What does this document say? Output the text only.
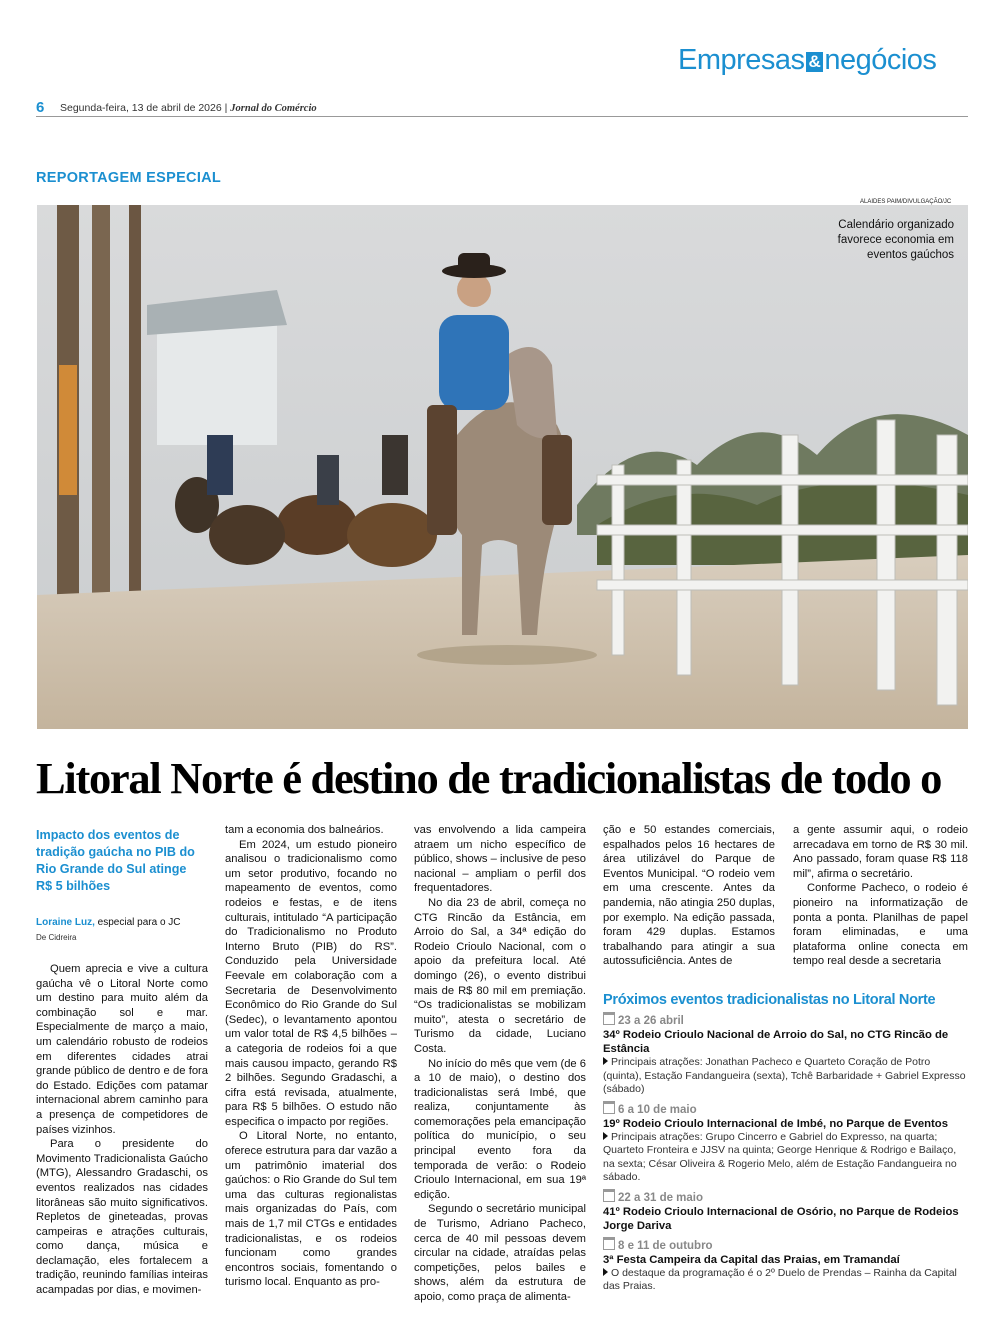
Empresas & negócios
6 Segunda-feira, 13 de abril de 2026 | Jornal do Comércio
REPORTAGEM ESPECIAL
ALAIDES PAIM/DIVULGAÇÃO/JC
Calendário organizado favorece economia em eventos gaúchos
Litoral Norte é destino de tradicionalistas de todo o
Impacto dos eventos de tradição gaúcha no PIB do Rio Grande do Sul atinge R$ 5 bilhões
Loraine Luz, especial para o JC
De Cidreira

Quem aprecia e vive a cultura gaúcha vê o Litoral Norte como um destino para muito além da combinação sol e mar. Especialmente de março a maio, um calendário robusto de rodeios em diferentes cidades atrai grande público de dentro e de fora do Estado. Edições com patamar internacional abrem caminho para a presença de competidores de países vizinhos.

Para o presidente do Movimento Tradicionalista Gaúcho (MTG), Alessandro Gradaschi, os eventos realizados nas cidades litorâneas são muito significativos. Repletos de gineteadas, provas campeiras e atrações culturais, como dança, música e declamação, eles fortalecem a tradição, reunindo famílias inteiras acampadas por dias, e movimen-

tam a economia dos balneários.

Em 2024, um estudo pioneiro analisou o tradicionalismo como um setor produtivo, focando no mapeamento de eventos, como rodeios e festas, e de itens culturais, intitulado “A participação do Tradicionalismo no Produto Interno Bruto (PIB) do RS”. Conduzido pela Universidade Feevale em colaboração com a Secretaria de Desenvolvimento Econômico do Rio Grande do Sul (Sedec), o levantamento apontou um valor total de R$ 4,5 bilhões – a categoria de rodeios foi a que mais causou impacto, gerando R$ 2 bilhões. Segundo Gradaschi, a cifra está revisada, atualmente, para R$ 5 bilhões. O estudo não especifica o impacto por regiões.

O Litoral Norte, no entanto, oferece estrutura para dar vazão a um patrimônio imaterial dos gaúchos: o Rio Grande do Sul tem uma das culturas regionalistas mais organizadas do País, com mais de 1,7 mil CTGs e entidades tradicionalistas, e os rodeios funcionam como grandes encontros sociais, fomentando o turismo local. Enquanto as pro-

vas envolvendo a lida campeira atraem um nicho específico de público, shows – inclusive de peso nacional – ampliam o perfil dos frequentadores.

No dia 23 de abril, começa no CTG Rincão da Estância, em Arroio do Sal, a 34ª edição do Rodeio Crioulo Nacional, com o apoio da prefeitura local. Até domingo (26), o evento distribui mais de R$ 80 mil em premiação. “Os tradicionalistas se mobilizam muito”, atesta o secretário de Turismo da cidade, Luciano Costa.

No início do mês que vem (de 6 a 10 de maio), o destino dos tradicionalistas será Imbé, que realiza, conjuntamente às comemorações pela emancipação política do município, o seu principal evento fora da temporada de verão: o Rodeio Crioulo Internacional, em sua 19ª edição.

Segundo o secretário municipal de Turismo, Adriano Pacheco, cerca de 40 mil pessoas devem circular na cidade, atraídas pelas competições, pelos bailes e shows, além da estrutura de apoio, como praça de alimenta-

ção e 50 estandes comerciais, espalhados pelos 16 hectares de área utilizável do Parque de Eventos Municipal. “O rodeio vem em uma crescente. Antes da pandemia, não atingia 250 duplas, por exemplo. Na edição passada, foram 429 duplas. Estamos trabalhando para atingir a sua autossuficiência. Antes de

a gente assumir aqui, o rodeio arrecadava em torno de R$ 30 mil. Ano passado, foram quase R$ 118 mil”, afirma o secretário.

Conforme Pacheco, o rodeio é pioneiro na informatização de ponta a ponta. Planilhas de papel foram eliminadas, e uma plataforma online conecta em tempo real desde a secretaria

Próximos eventos tradicionalistas no Litoral Norte
23 a 26 abril
34º Rodeio Crioulo Nacional de Arroio do Sal, no CTG Rincão de Estância
Principais atrações: Jonathan Pacheco e Quarteto Coração de Potro (quinta), Estação Fandangueira (sexta), Tchê Barbaridade + Gabriel Expresso (sábado)
6 a 10 de maio
19º Rodeio Crioulo Internacional de Imbé, no Parque de Eventos
Principais atrações: Grupo Cincerro e Gabriel do Expresso, na quarta; Quarteto Fronteira e JJSV na quinta; George Henrique & Rodrigo e Bailaço, na sexta; César Oliveira & Rogerio Melo, além de Estação Fandangueira no sábado.
22 a 31 de maio
41º Rodeio Crioulo Internacional de Osório, no Parque de Rodeios Jorge Dariva
8 e 11 de outubro
3ª Festa Campeira da Capital das Praias, em Tramandaí
O destaque da programação é o 2º Duelo de Prendas – Rainha da Capital das Praias.
